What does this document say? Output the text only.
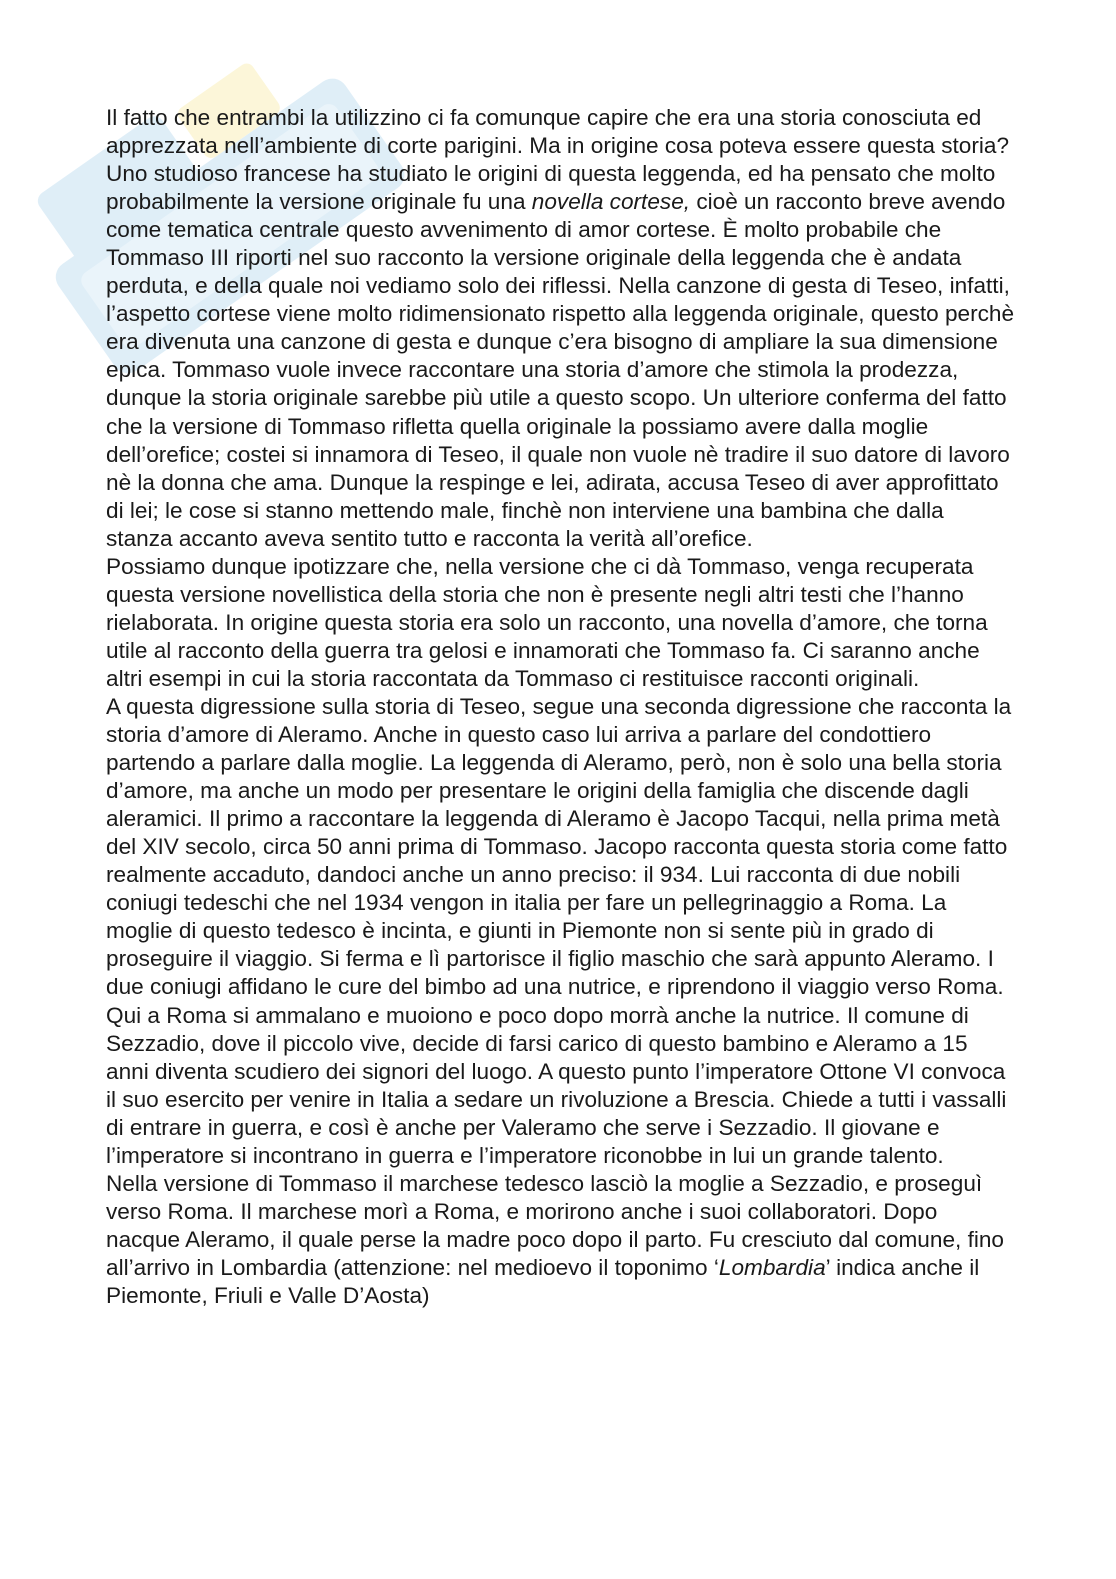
Il fatto che entrambi la utilizzino ci fa comunque capire che era una storia conosciuta ed apprezzata nell’ambiente di corte parigini. Ma in origine cosa poteva essere questa storia? Uno studioso francese ha studiato le origini di questa leggenda, ed ha pensato che molto probabilmente la versione originale fu una novella cortese, cioè un racconto breve avendo come tematica centrale questo avvenimento di amor cortese. È molto probabile che Tommaso III riporti nel suo racconto la versione originale della leggenda che è andata perduta, e della quale noi vediamo solo dei riflessi. Nella canzone di gesta di Teseo, infatti, l’aspetto cortese viene molto ridimensionato rispetto alla leggenda originale, questo perchè era divenuta una canzone di gesta e dunque c’era bisogno di ampliare la sua dimensione epica. Tommaso vuole invece raccontare una storia d’amore che stimola la prodezza, dunque la storia originale sarebbe più utile a questo scopo. Un ulteriore conferma del fatto che la versione di Tommaso rifletta quella originale la possiamo avere dalla moglie dell’orefice; costei si innamora di Teseo, il quale non vuole nè tradire il suo datore di lavoro nè la donna che ama. Dunque la respinge e lei, adirata, accusa Teseo di aver approfittato di lei; le cose si stanno mettendo male, finchè non interviene una bambina che dalla stanza accanto aveva sentito tutto e racconta la verità all’orefice.

Possiamo dunque ipotizzare che, nella versione che ci dà Tommaso, venga recuperata questa versione novellistica della storia che non è presente negli altri testi che l’hanno rielaborata. In origine questa storia era solo un racconto, una novella d’amore, che torna utile al racconto della guerra tra gelosi e innamorati che Tommaso fa. Ci saranno anche altri esempi in cui la storia raccontata da Tommaso ci restituisce racconti originali.

A questa digressione sulla storia di Teseo, segue una seconda digressione che racconta la storia d’amore di Aleramo. Anche in questo caso lui arriva a parlare del condottiero partendo a parlare dalla moglie. La leggenda di Aleramo, però, non è solo una bella storia d’amore, ma anche un modo per presentare le origini della famiglia che discende dagli aleramici. Il primo a raccontare la leggenda di Aleramo è Jacopo Tacqui, nella prima metà del XIV secolo, circa 50 anni prima di Tommaso. Jacopo racconta questa storia come fatto realmente accaduto, dandoci anche un anno preciso: il 934. Lui racconta di due nobili coniugi tedeschi che nel 1934 vengon in italia per fare un pellegrinaggio a Roma. La moglie di questo tedesco è incinta, e giunti in Piemonte non si sente più in grado di proseguire il viaggio. Si ferma e lì partorisce il figlio maschio che sarà appunto Aleramo. I due coniugi affidano le cure del bimbo ad una nutrice, e riprendono il viaggio verso Roma. Qui a Roma si ammalano e muoiono e poco dopo morrà anche la nutrice. Il comune di Sezzadio, dove il piccolo vive, decide di farsi carico di questo bambino e Aleramo a 15 anni diventa scudiero dei signori del luogo. A questo punto l’imperatore Ottone VI convoca il suo esercito per venire in Italia a sedare un rivoluzione a Brescia. Chiede a tutti i vassalli di entrare in guerra, e così è anche per Valeramo che serve i Sezzadio. Il giovane e l’imperatore si incontrano in guerra e l’imperatore riconobbe in lui un grande talento.

Nella versione di Tommaso il marchese tedesco lasciò la moglie a Sezzadio, e proseguì verso Roma. Il marchese morì a Roma, e morirono anche i suoi collaboratori. Dopo nacque Aleramo, il quale perse la madre poco dopo il parto. Fu cresciuto dal comune, fino all’arrivo in Lombardia (attenzione: nel medioevo il toponimo ‘Lombardia’ indica anche il Piemonte, Friuli e Valle D’Aosta)
